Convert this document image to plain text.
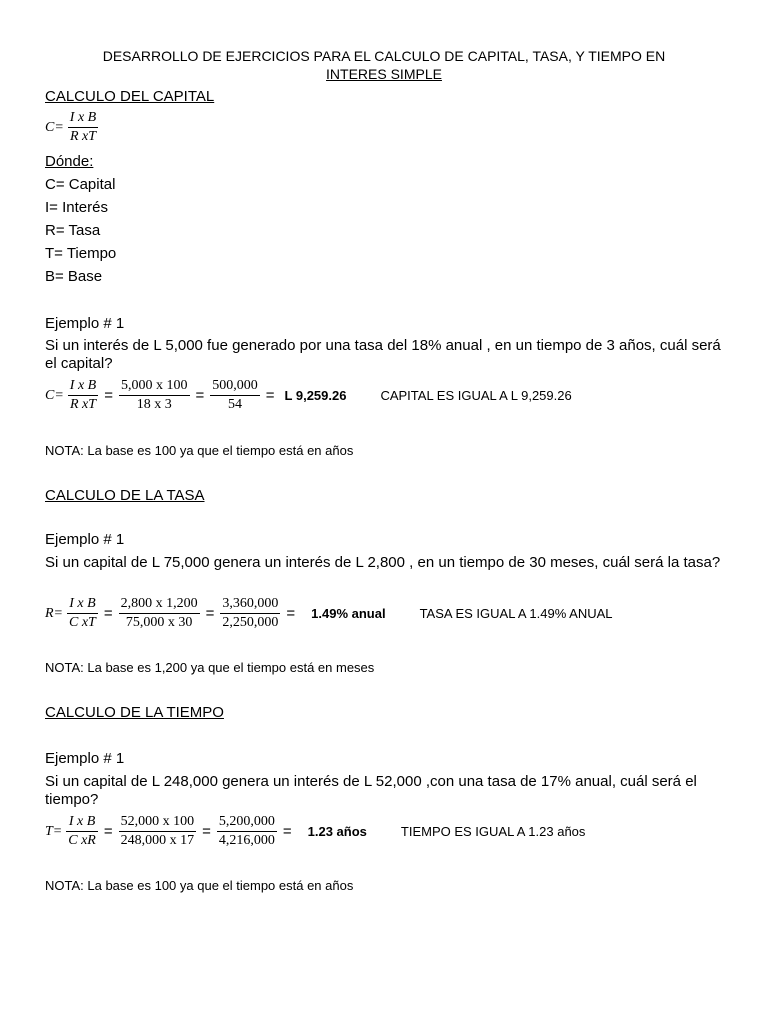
DESARROLLO DE EJERCICIOS PARA EL CALCULO DE CAPITAL, TASA, Y TIEMPO EN
INTERES SIMPLE
CALCULO DEL CAPITAL
$C= \frac{\text{I x B}}{\text{R xT}}$
Dónde:
C= Capital
I= Interés
R= Tasa
T= Tiempo
B= Base
Ejemplo # 1
Si un interés de L 5,000 fue generado por una tasa del 18% anual , en un tiempo de 3 años, cuál será el capital?
$C= \frac{\text{I x B}}{\text{R xT}} = \frac{5,000 x 100}{18 x 3} = \frac{500,000}{54} = L$ 9,259.26	CAPITAL ES IGUAL A L 9,259.26
NOTA: La base es 100 ya que el tiempo está en años
CALCULO DE LA TASA
Ejemplo # 1
Si un capital de L 75,000 genera un interés de L 2,800 , en un tiempo de 30 meses, cuál será la tasa?
$R= \frac{\text{I x B}}{\text{C xT}} = \frac{2,800 x 1,200}{75,000 x 30} = \frac{3,360,000}{2,250,000} = 1.49\%$ anual	TASA ES IGUAL A 1.49% ANUAL
NOTA: La base es 1,200 ya que el tiempo está en meses
CALCULO DE LA TIEMPO
Ejemplo # 1
Si un capital de L 248,000 genera un interés de L 52,000 ,con una tasa de 17% anual, cuál será el tiempo?
$T= \frac{\text{I x B}}{\text{C xR}} = \frac{52,000 x 100}{248,000 x 17} = \frac{5,200,000}{4,216,000} = 1.23$ años	TIEMPO ES IGUAL A 1.23 años
NOTA: La base es 100 ya que el tiempo está en años
